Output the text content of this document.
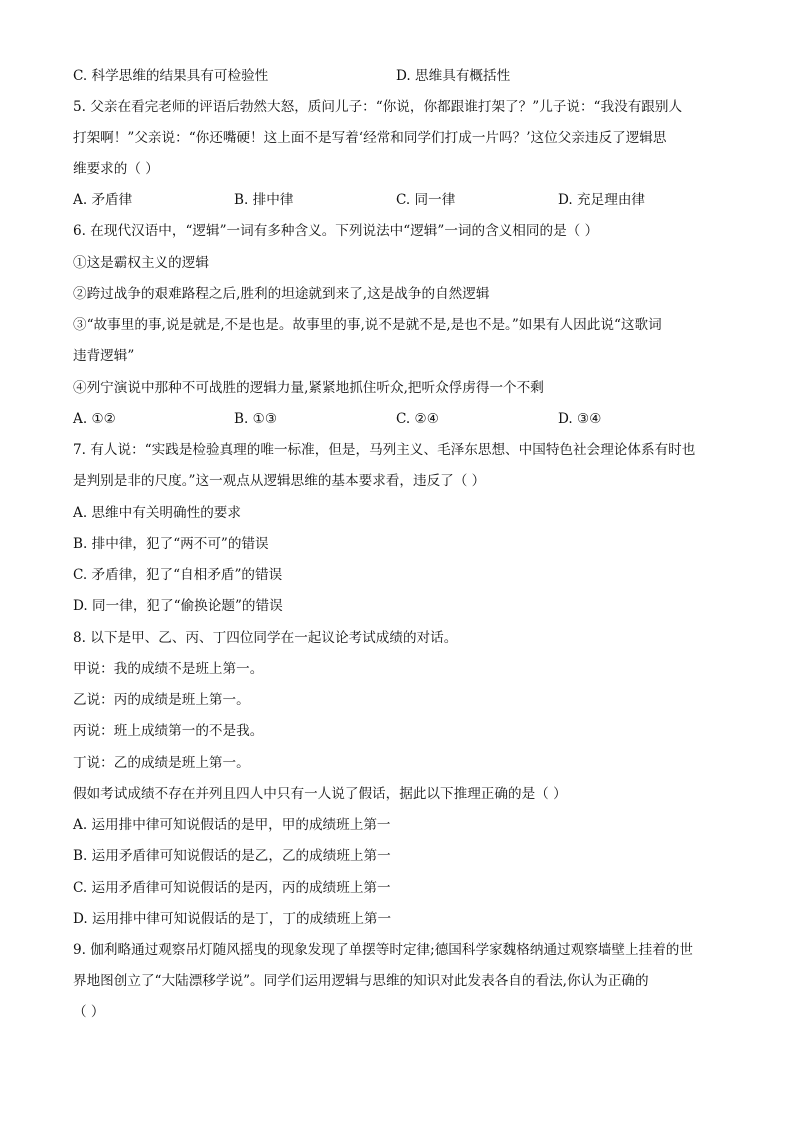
C. 科学思维的结果具有可检验性	D. 思维具有概括性
5. 父亲在看完老师的评语后勃然大怒，质问儿子：“你说，你都跟谁打架了？”儿子说：“我没有跟别人
打架啊！”父亲说：“你还嘴硬！这上面不是写着‘经常和同学们打成一片吗？’这位父亲违反了逻辑思
维要求的（ ）
A. 矛盾律	B. 排中律	C. 同一律	D. 充足理由律
6. 在现代汉语中，“逻辑”一词有多种含义。下列说法中“逻辑”一词的含义相同的是（ ）
①这是霸权主义的逻辑
②跨过战争的艰难路程之后,胜利的坦途就到来了,这是战争的自然逻辑
③“故事里的事,说是就是,不是也是。故事里的事,说不是就不是,是也不是。”如果有人因此说“这歌词
违背逻辑”
④列宁演说中那种不可战胜的逻辑力量,紧紧地抓住听众,把听众俘虏得一个不剩
A. ①②	B. ①③	C. ②④	D. ③④
7. 有人说：“实践是检验真理的唯一标准，但是，马列主义、毛泽东思想、中国特色社会理论体系有时也
是判别是非的尺度。”这一观点从逻辑思维的基本要求看，违反了（ ）
A. 思维中有关明确性的要求
B. 排中律，犯了“两不可”的错误
C. 矛盾律，犯了“自相矛盾”的错误
D. 同一律，犯了“偷换论题”的错误
8. 以下是甲、乙、丙、丁四位同学在一起议论考试成绩的对话。
甲说：我的成绩不是班上第一。
乙说：丙的成绩是班上第一。
丙说：班上成绩第一的不是我。
丁说：乙的成绩是班上第一。
假如考试成绩不存在并列且四人中只有一人说了假话，据此以下推理正确的是（ ）
A. 运用排中律可知说假话的是甲，甲的成绩班上第一
B. 运用矛盾律可知说假话的是乙，乙的成绩班上第一
C. 运用矛盾律可知说假话的是丙，丙的成绩班上第一
D. 运用排中律可知说假话的是丁，丁的成绩班上第一
9. 伽利略通过观察吊灯随风摇曳的现象发现了单摆等时定律;德国科学家魏格纳通过观察墙壁上挂着的世
界地图创立了“大陆漂移学说”。同学们运用逻辑与思维的知识对此发表各自的看法,你认为正确的
（ ）
